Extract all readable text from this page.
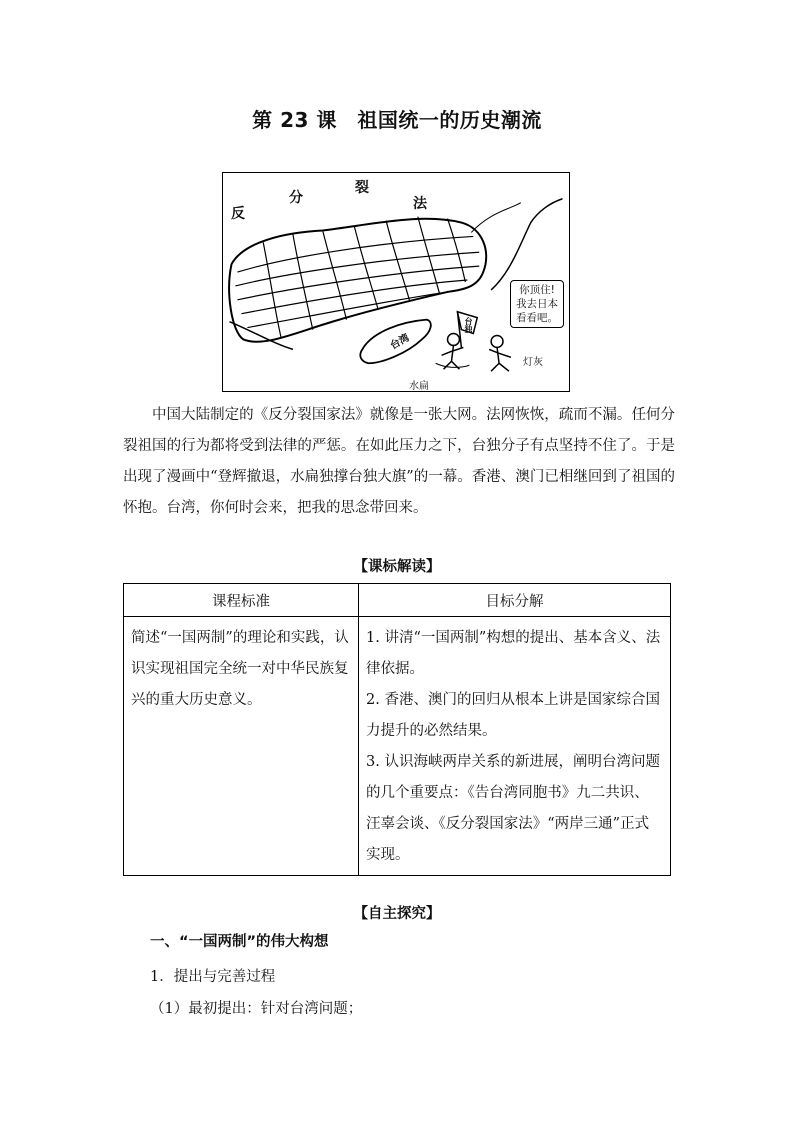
第 23 课　祖国统一的历史潮流
反
分
裂
法
你顶住!
我去日本
看看吧。
台湾
台独
灯灰
水扁
中国大陆制定的《反分裂国家法》就像是一张大网。法网恢恢，疏而不漏。任何分裂祖国的行为都将受到法律的严惩。在如此压力之下，台独分子有点坚持不住了。于是出现了漫画中“登辉撤退，水扁独撑台独大旗”的一幕。香港、澳门已相继回到了祖国的怀抱。台湾，你何时会来，把我的思念带回来。
【课标解读】
课程标准	目标分解
简述“一国两制”的理论和实践，认识实现祖国完全统一对中华民族复兴的重大历史意义。	1. 讲清“一国两制”构想的提出、基本含义、法律依据。

2. 香港、澳门的回归从根本上讲是国家综合国力提升的必然结果。

3. 认识海峡两岸关系的新进展，阐明台湾问题的几个重要点：《告台湾同胞书》九二共识、汪辜会谈、《反分裂国家法》“两岸三通”正式实现。

【自主探究】
一、“一国两制”的伟大构想
1．提出与完善过程
（1）最初提出：针对台湾问题；
